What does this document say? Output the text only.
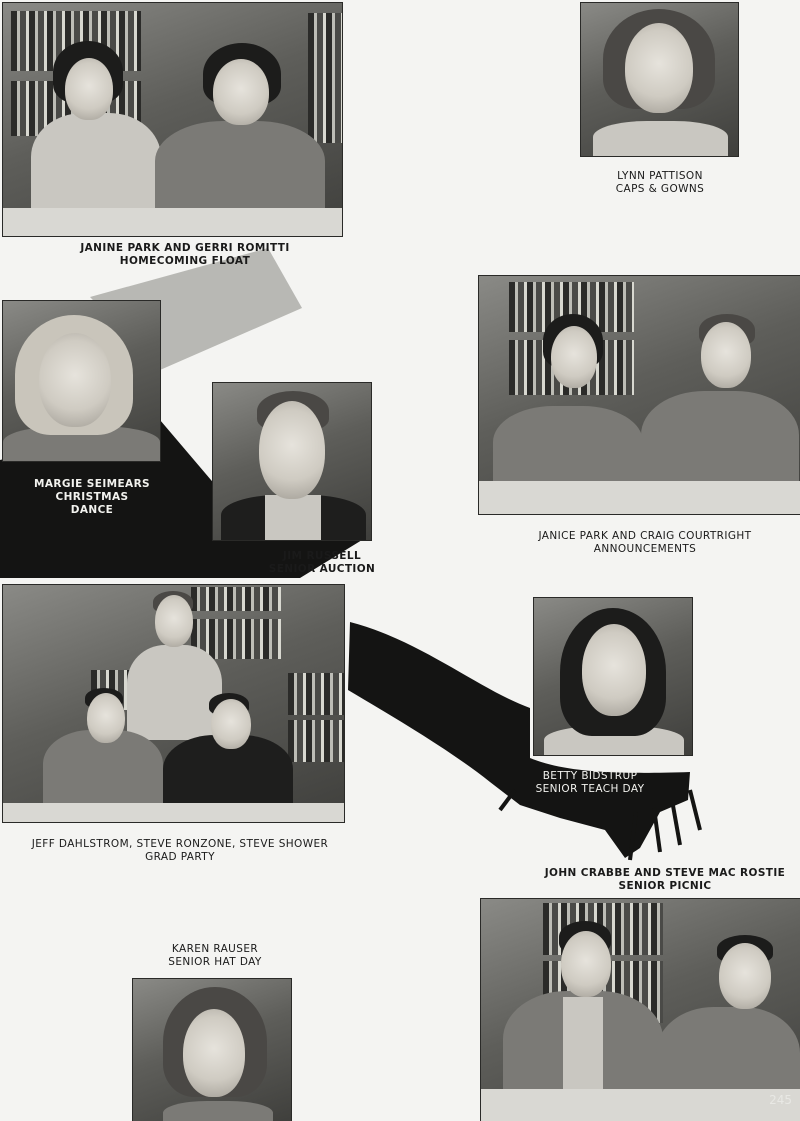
JANINE PARK AND GERRI ROMITTI
HOMECOMING FLOAT
LYNN PATTISON
CAPS & GOWNS
MARGIE SEIMEARS
CHRISTMAS
DANCE
JIM RUSSELL
SENIOR AUCTION
JANICE PARK AND CRAIG COURTRIGHT
ANNOUNCEMENTS
JEFF DAHLSTROM, STEVE RONZONE, STEVE SHOWER
GRAD PARTY
BETTY BIDSTRUP
SENIOR TEACH DAY
JOHN CRABBE AND STEVE MAC ROSTIE
SENIOR PICNIC
KAREN RAUSER
SENIOR HAT DAY
245
